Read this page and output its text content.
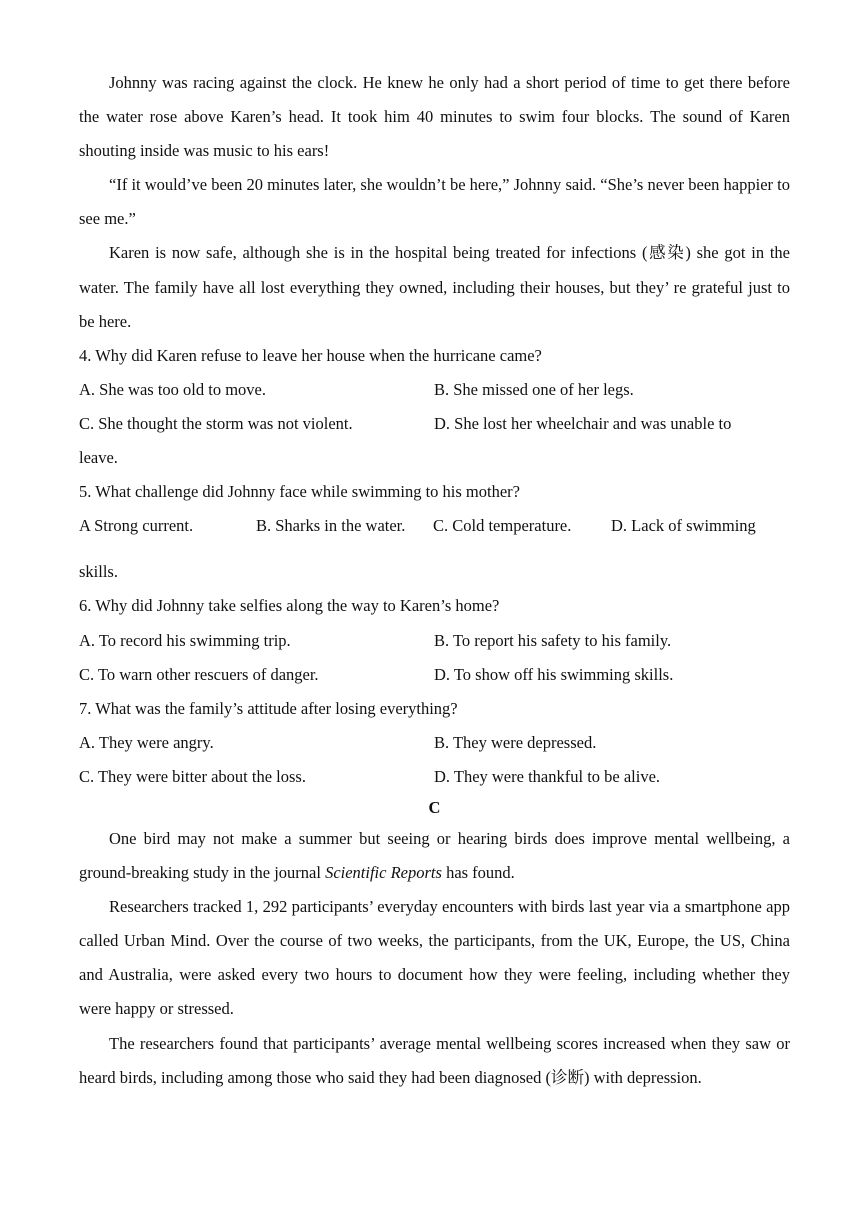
Johnny was racing against the clock. He knew he only had a short period of time to get there before the water rose above Karen’s head. It took him 40 minutes to swim four blocks. The sound of Karen shouting inside was music to his ears!

“If it would’ve been 20 minutes later, she wouldn’t be here,” Johnny said. “She’s never been happier to see me.”

Karen is now safe, although she is in the hospital being treated for infections (感染) she got in the water. The family have all lost everything they owned, including their houses, but they’ re grateful just to be here.

4. Why did Karen refuse to leave her house when the hurricane came?

A. She was too old to move.	B. She missed one of her legs.
C. She thought the storm was not violent.	D. She lost her wheelchair and was unable to

leave.

5. What challenge did Johnny face while swimming to his mother?

A Strong current.	B. Sharks in the water.	C. Cold temperature.	D. Lack of swimming

skills.

6. Why did Johnny take selfies along the way to Karen’s home?

A. To record his swimming trip.	B. To report his safety to his family.
C. To warn other rescuers of danger.	D. To show off his swimming skills.

7. What was the family’s attitude after losing everything?

A. They were angry.	B. They were depressed.
C. They were bitter about the loss.	D. They were thankful to be alive.

C

One bird may not make a summer but seeing or hearing birds does improve mental wellbeing, a ground-breaking study in the journal Scientific Reports has found.

Researchers tracked 1, 292 participants’ everyday encounters with birds last year via a smartphone app called Urban Mind. Over the course of two weeks, the participants, from the UK, Europe, the US, China and Australia, were asked every two hours to document how they were feeling, including whether they were happy or stressed.

The researchers found that participants’ average mental wellbeing scores increased when they saw or heard birds, including among those who said they had been diagnosed (诊断) with depression.
